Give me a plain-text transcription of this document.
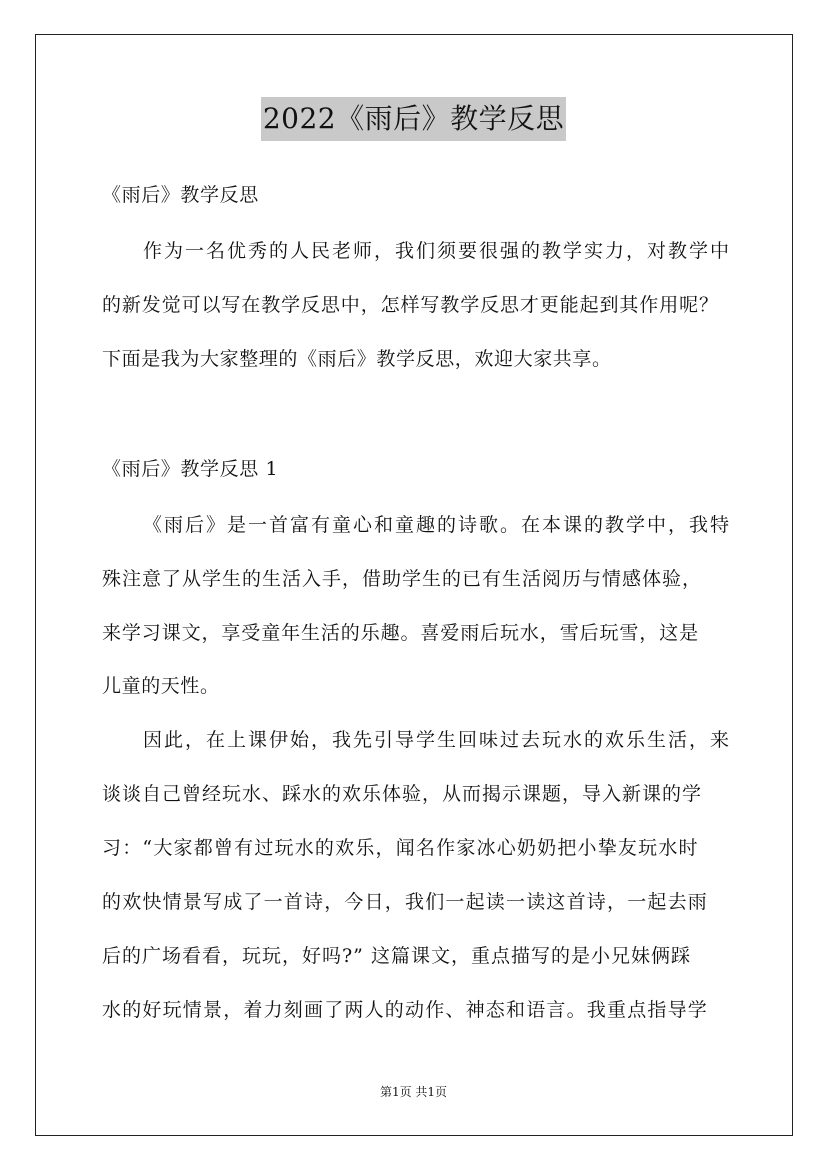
2022《雨后》教学反思
《雨后》教学反思
作为一名优秀的人民老师，我们须要很强的教学实力，对教学中
的新发觉可以写在教学反思中，怎样写教学反思才更能起到其作用呢？
下面是我为大家整理的《雨后》教学反思，欢迎大家共享。
《雨后》教学反思 1
《雨后》是一首富有童心和童趣的诗歌。在本课的教学中，我特
殊注意了从学生的生活入手，借助学生的已有生活阅历与情感体验，
来学习课文，享受童年生活的乐趣。喜爱雨后玩水，雪后玩雪，这是
儿童的天性。
因此，在上课伊始，我先引导学生回味过去玩水的欢乐生活，来
谈谈自己曾经玩水、踩水的欢乐体验，从而揭示课题，导入新课的学
习：“大家都曾有过玩水的欢乐，闻名作家冰心奶奶把小挚友玩水时
的欢快情景写成了一首诗，今日，我们一起读一读这首诗，一起去雨
后的广场看看，玩玩，好吗?” 这篇课文，重点描写的是小兄妹俩踩
水的好玩情景，着力刻画了两人的动作、神态和语言。我重点指导学
第1页 共1页
